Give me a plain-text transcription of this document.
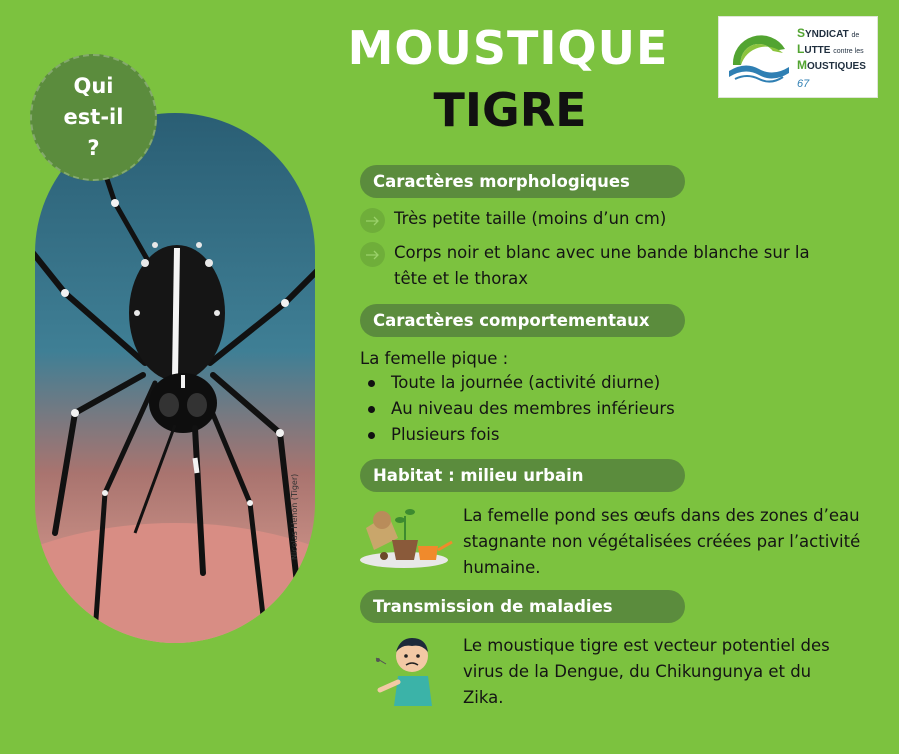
MOUSTIQUE
TIGRE
SYNDICAT de
LUTTE contre les
MOUSTIQUES
67
Nicolas Henon (Tiger)
Qui
est-il
?
Caractères morphologiques
Très petite taille (moins d’un cm)
Corps noir et blanc avec une bande blanche sur la tête et le thorax
Caractères comportementaux
La femelle pique :
Toute la journée (activité diurne)
Au niveau des membres inférieurs
Plusieurs fois
Habitat : milieu urbain
La femelle pond ses œufs dans des zones d’eau stagnante non végétalisées créées par l’activité humaine.
Transmission de maladies
Le moustique tigre est vecteur potentiel des virus de la Dengue, du Chikungunya et du Zika.
